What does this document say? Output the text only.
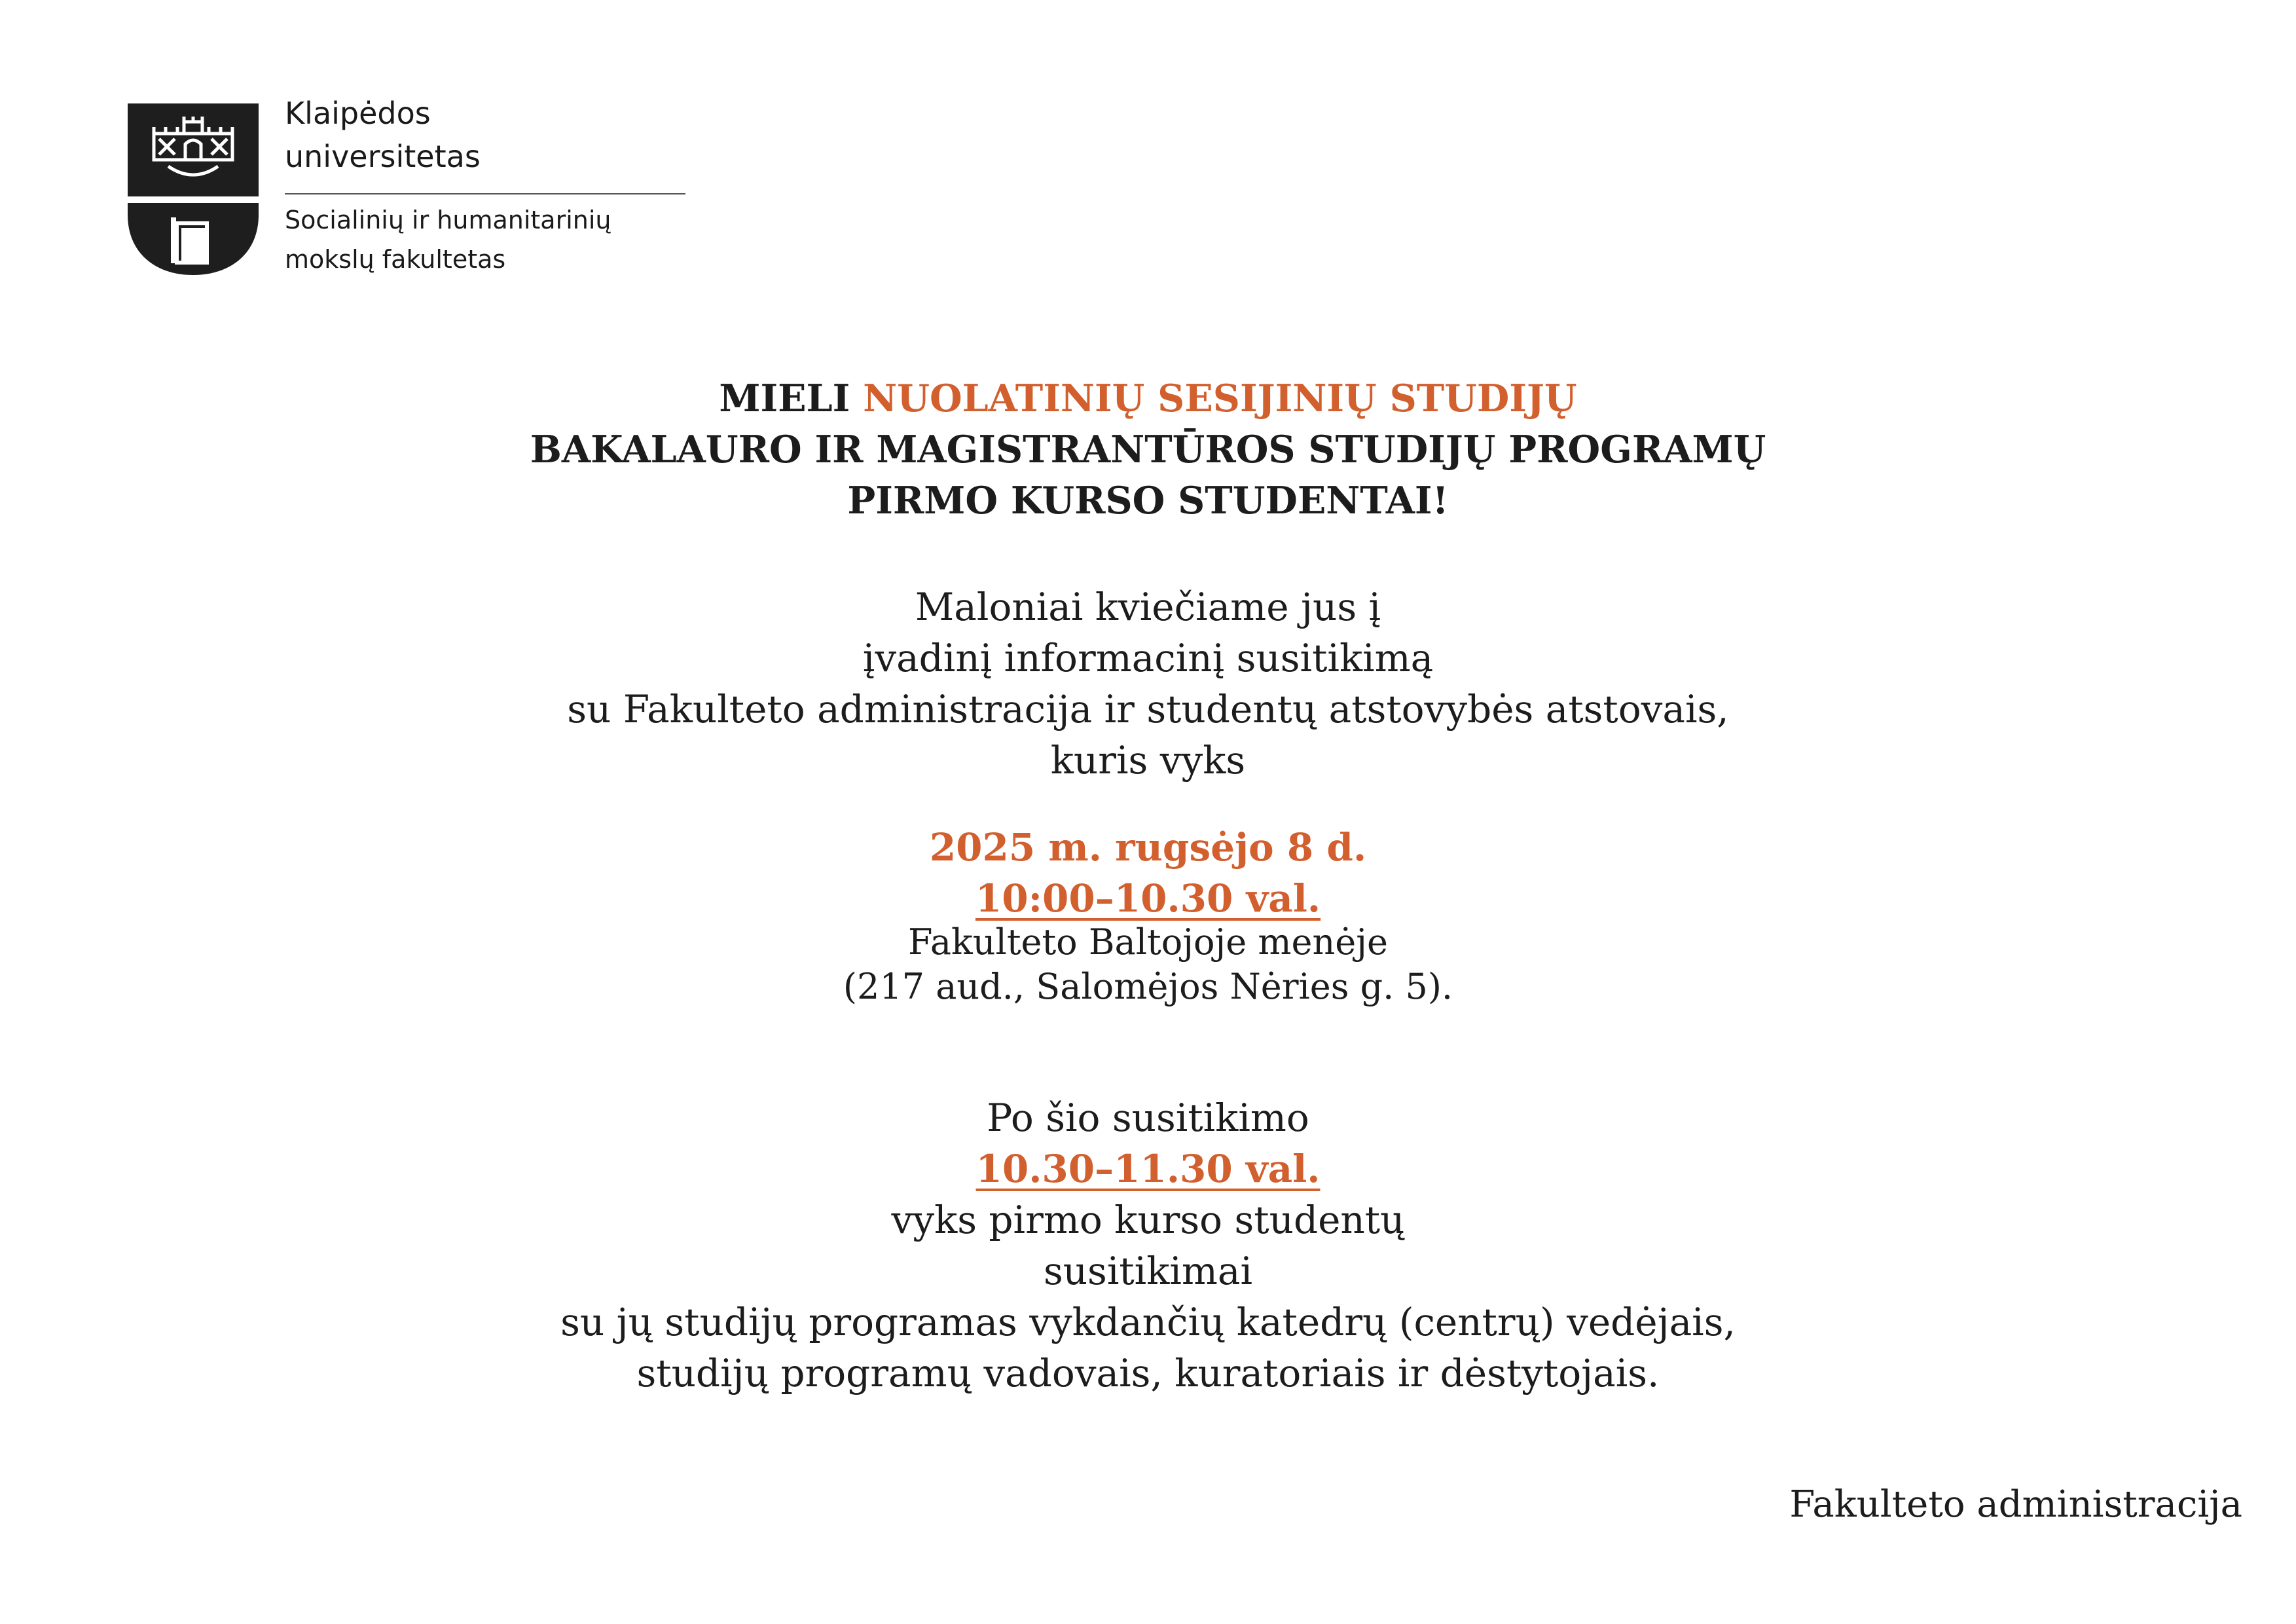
Klaipėdos
universitetas
Socialinių ir humanitarinių
mokslų fakultetas
MIELI NUOLATINIŲ SESIJINIŲ STUDIJŲ
BAKALAURO IR MAGISTRANTŪROS STUDIJŲ PROGRAMŲ
PIRMO KURSO STUDENTAI!
Maloniai kviečiame jus į
įvadinį informacinį susitikimą
su Fakulteto administracija ir studentų atstovybės atstovais,
kuris vyks
2025 m. rugsėjo 8 d.
10:00–10.30 val.
Fakulteto Baltojoje menėje
(217 aud., Salomėjos Nėries g. 5).
Po šio susitikimo
10.30–11.30 val.
vyks pirmo kurso studentų
susitikimai
su jų studijų programas vykdančių katedrų (centrų) vedėjais,
studijų programų vadovais, kuratoriais ir dėstytojais.
Fakulteto administracija
